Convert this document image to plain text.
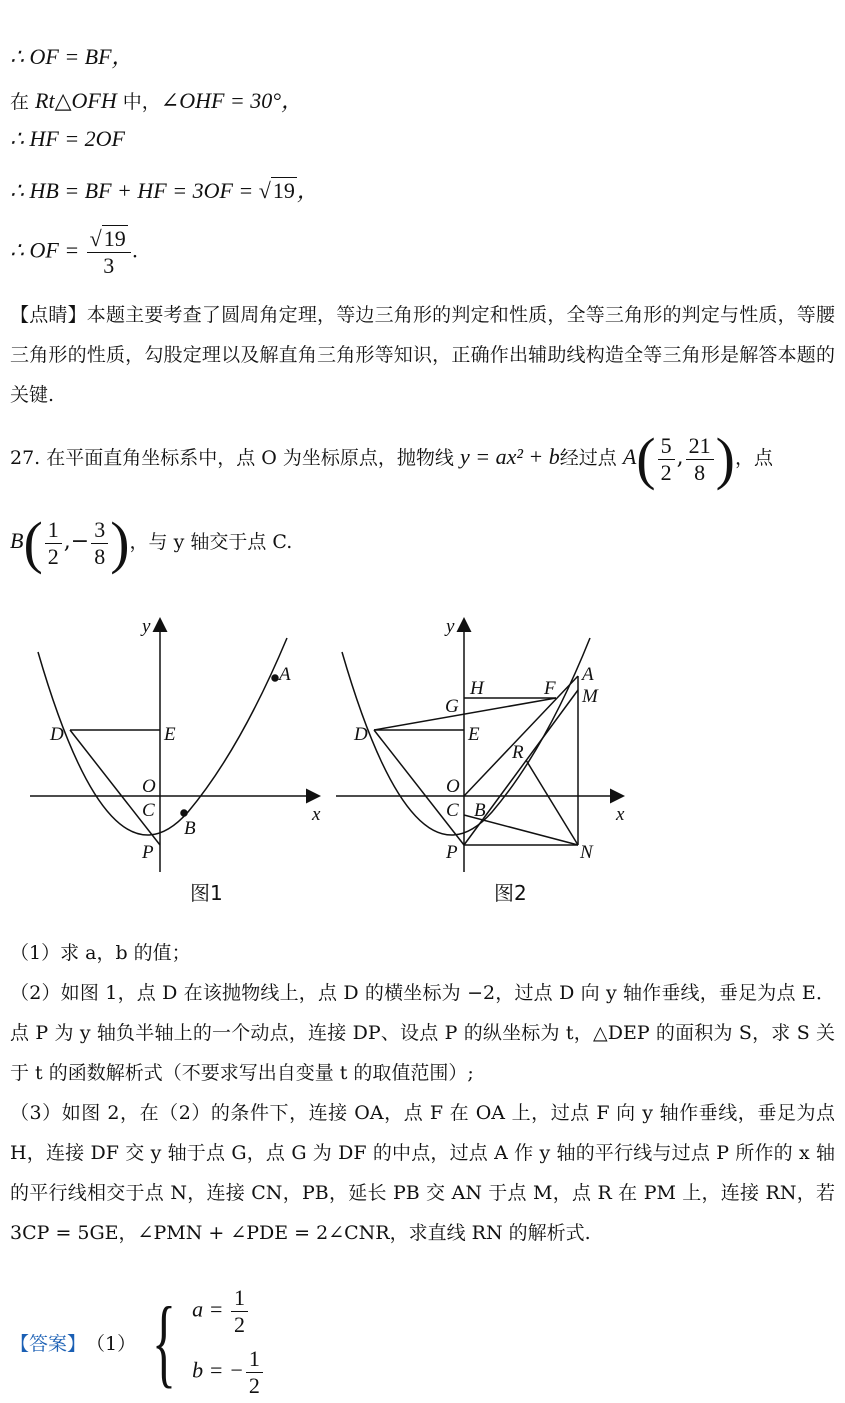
∴ OF = BF，
在 Rt△OFH 中，∠OHF = 30°，
∴ HF = 2OF
∴ HB = BF + HF = 3OF = √19，
∴ OF = $\frac{√19}{3}$ .
【点睛】本题主要考查了圆周角定理，等边三角形的判定和性质，全等三角形的判定与性质，等腰三角形的性质，勾股定理以及解直角三角形等知识，正确作出辅助线构造全等三角形是解答本题的关键.
27. 在平面直角坐标系中，点 O 为坐标原点，抛物线 y = ax² + b经过点 $A( \frac{5}{2}$ , $\frac{21}{8}$ )，点
$B( \frac{1}{2}$ ,− $\frac{3}{8}$ )，与 y 轴交于点 C.
y
x
A
D	E
O
C
B
P
图1
y
x
A
M
H	F
G
D	E
R
O
C B
P	N
图2
（1）求 a，b 的值；
（2）如图 1，点 D 在该抛物线上，点 D 的横坐标为 −2，过点 D 向 y 轴作垂线，垂足为点 E．点 P 为 y 轴负半轴上的一个动点，连接 DP、设点 P 的纵坐标为 t，△DEP 的面积为 S，求 S 关于 t 的函数解析式（不要求写出自变量 t 的取值范围）;
（3）如图 2，在（2）的条件下，连接 OA，点 F 在 OA 上，过点 F 向 y 轴作垂线，垂足为点 H，连接 DF 交 y 轴于点 G，点 G 为 DF 的中点，过点 A 作 y 轴的平行线与过点 P 所作的 x 轴的平行线相交于点 N，连接 CN，PB，延长 PB 交 AN 于点 M，点 R 在 PM 上，连接 RN，若 3CP = 5GE，∠PMN + ∠PDE = 2∠CNR，求直线 RN 的解析式.
【答案】 （1） { $a = \frac{1}{2}$
b = − $\frac{1}{2}$
